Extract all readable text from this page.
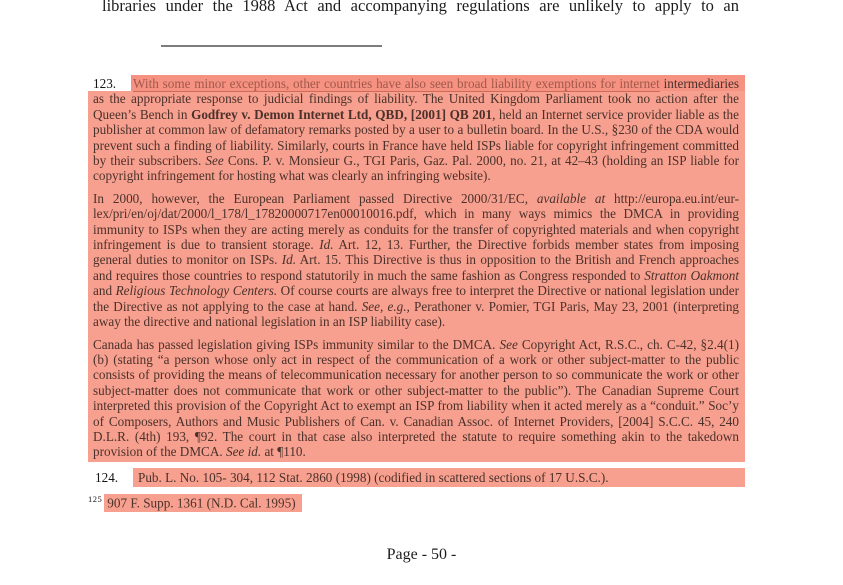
libraries under the 1988 Act and accompanying regulations are unlikely to apply to an

123. With some minor exceptions, other countries have also seen broad liability exemptions for internet intermediaries as the appropriate response to judicial findings of liability. The United Kingdom Parliament took no action after the Queen’s Bench in Godfrey v. Demon Internet Ltd, QBD, [2001] QB 201, held an Internet service provider liable as the publisher at common law of defamatory remarks posted by a user to a bulletin board. In the U.S., §230 of the CDA would prevent such a finding of liability. Similarly, courts in France have held ISPs liable for copyright infringement committed by their subscribers. See Cons. P. v. Monsieur G., TGI Paris, Gaz. Pal. 2000, no. 21, at 42–43 (holding an ISP liable for copyright infringement for hosting what was clearly an infringing website).

In 2000, however, the European Parliament passed Directive 2000/31/EC, available at http://europa.eu.int/eur-lex/pri/en/oj/dat/2000/l_178/l_17820000717en00010016.pdf, which in many ways mimics the DMCA in providing immunity to ISPs when they are acting merely as conduits for the transfer of copyrighted materials and when copyright infringement is due to transient storage. Id. Art. 12, 13. Further, the Directive forbids member states from imposing general duties to monitor on ISPs. Id. Art. 15. This Directive is thus in opposition to the British and French approaches and requires those countries to respond statutorily in much the same fashion as Congress responded to Stratton Oakmont and Religious Technology Centers. Of course courts are always free to interpret the Directive or national legislation under the Directive as not applying to the case at hand. See, e.g., Perathoner v. Pomier, TGI Paris, May 23, 2001 (interpreting away the directive and national legislation in an ISP liability case).

Canada has passed legislation giving ISPs immunity similar to the DMCA. See Copyright Act, R.S.C., ch. C-42, §2.4(1)(b) (stating “a person whose only act in respect of the communication of a work or other subject-matter to the public consists of providing the means of telecommunication necessary for another person to so communicate the work or other subject-matter does not communicate that work or other subject-matter to the public”). The Canadian Supreme Court interpreted this provision of the Copyright Act to exempt an ISP from liability when it acted merely as a “conduit.” Soc’y of Composers, Authors and Music Publishers of Can. v. Canadian Assoc. of Internet Providers, [2004] S.C.C. 45, 240 D.L.R. (4th) 193, ¶92. The court in that case also interpreted the statute to require something akin to the takedown provision of the DMCA. See id. at ¶110.

124.	Pub. L. No. 105- 304, 112 Stat. 2860 (1998) (codified in scattered sections of 17 U.S.C.).
$^{125}$ 907 F. Supp. 1361 (N.D. Cal. 1995)
Page - 50 -
